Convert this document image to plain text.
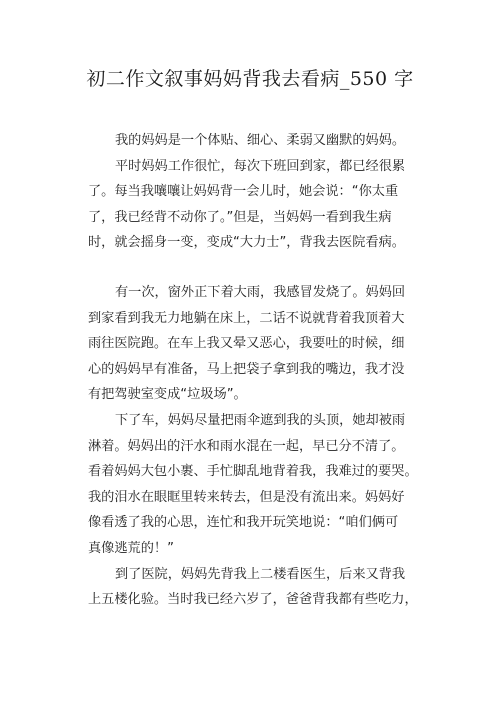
初二作文叙事妈妈背我去看病_550 字
我的妈妈是一个体贴、细心、柔弱又幽默的妈妈。
平时妈妈工作很忙，每次下班回到家，都已经很累
了。每当我嚷嚷让妈妈背一会儿时，她会说：“你太重
了，我已经背不动你了。”但是，当妈妈一看到我生病
时，就会摇身一变，变成“大力士”，背我去医院看病。
有一次，窗外正下着大雨，我感冒发烧了。妈妈回
到家看到我无力地躺在床上，二话不说就背着我顶着大
雨往医院跑。在车上我又晕又恶心，我要吐的时候，细
心的妈妈早有准备，马上把袋子拿到我的嘴边，我才没
有把驾驶室变成“垃圾场”。
下了车，妈妈尽量把雨伞遮到我的头顶，她却被雨
淋着。妈妈出的汗水和雨水混在一起，早已分不清了。
看着妈妈大包小裹、手忙脚乱地背着我，我难过的要哭。
我的泪水在眼眶里转来转去，但是没有流出来。妈妈好
像看透了我的心思，连忙和我开玩笑地说：“咱们俩可
真像逃荒的！”
到了医院，妈妈先背我上二楼看医生，后来又背我
上五楼化验。当时我已经六岁了，爸爸背我都有些吃力，
